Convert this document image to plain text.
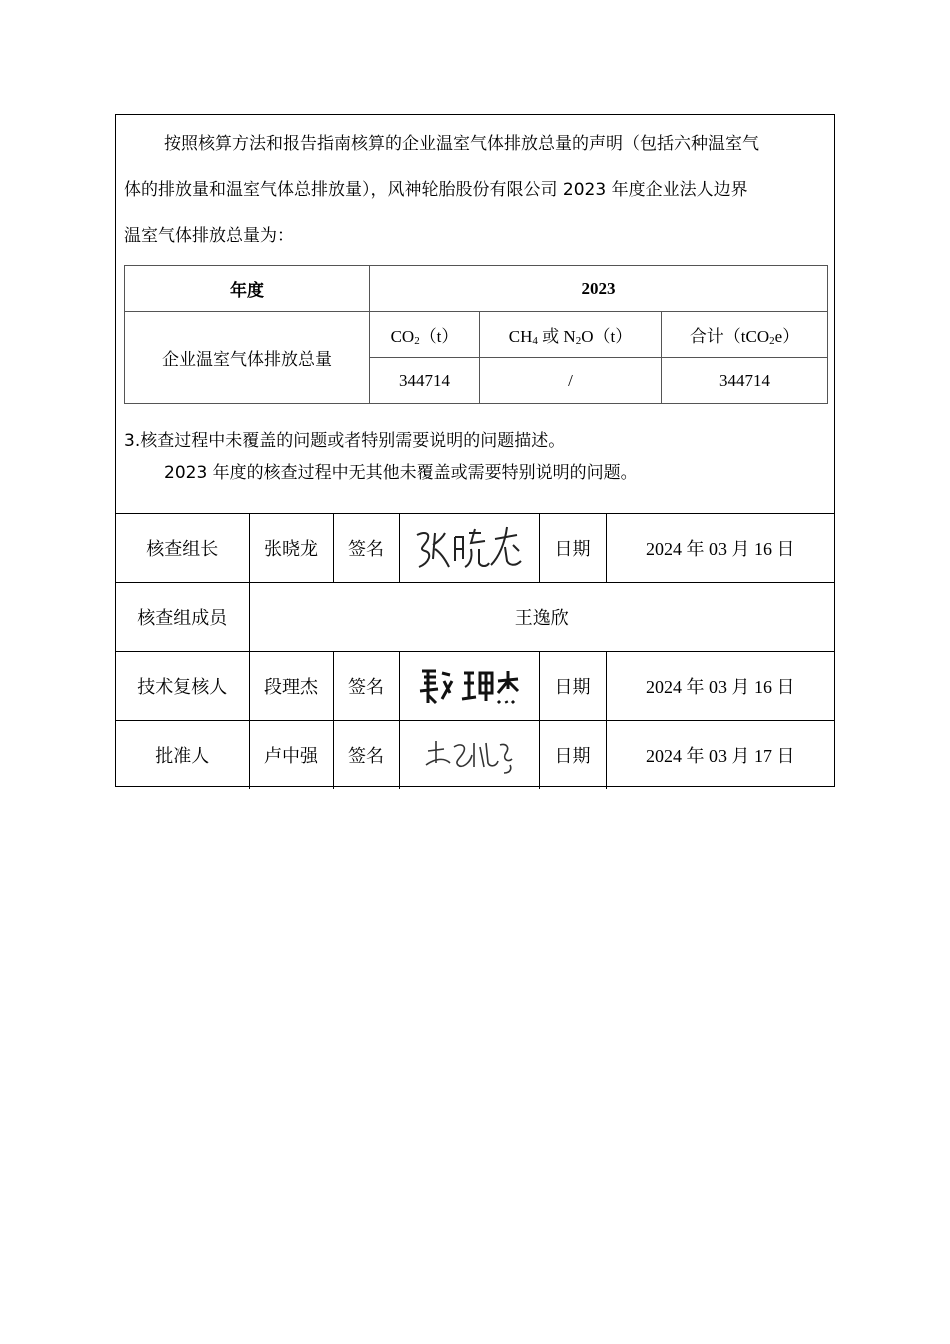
按照核算方法和报告指南核算的企业温室气体排放总量的声明（包括六种温室气
体的排放量和温室气体总排放量），风神轮胎股份有限公司 2023 年度企业法人边界
温室气体排放总量为：
年度	2023		
企业温室气体排放总量	$CO_2(t)$	$CH_4$ 或 $N_2O(t)$	合计（tCO$_2$e）
	344714	/	344714
3.核查过程中未覆盖的问题或者特别需要说明的问题描述。
2023 年度的核查过程中无其他未覆盖或需要特别说明的问题。
核查组长	张晓龙	签名		日期	2024 年 03 月 16 日
核查组成员	王逸欣				
技术复核人	段理杰	签名		日期	2024 年 03 月 16 日
批准人	卢中强	签名		日期	2024 年 03 月 17 日
